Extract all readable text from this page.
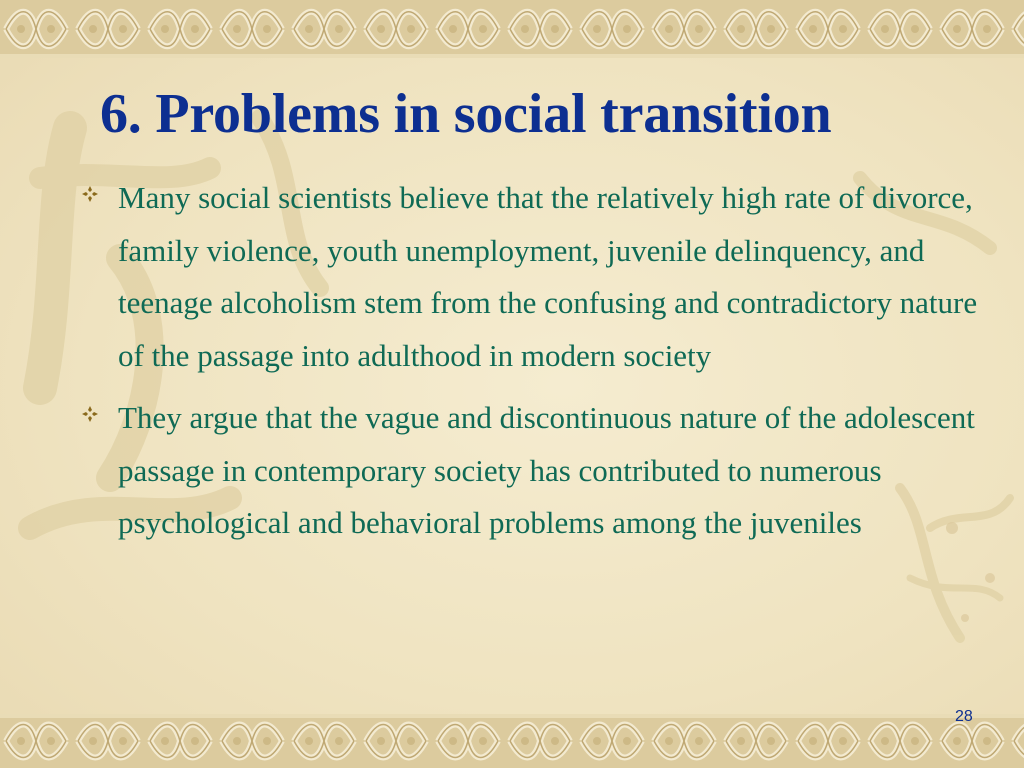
6. Problems in social transition
Many social scientists believe that the relatively high rate of divorce, family violence, youth unemployment, juvenile delinquency, and teenage alcoholism stem from the confusing and contradictory nature of the passage into adulthood in modern society
They argue that the vague and discontinuous nature of the adolescent passage in contemporary society has contributed to numerous psychological and behavioral problems among the juveniles
28
